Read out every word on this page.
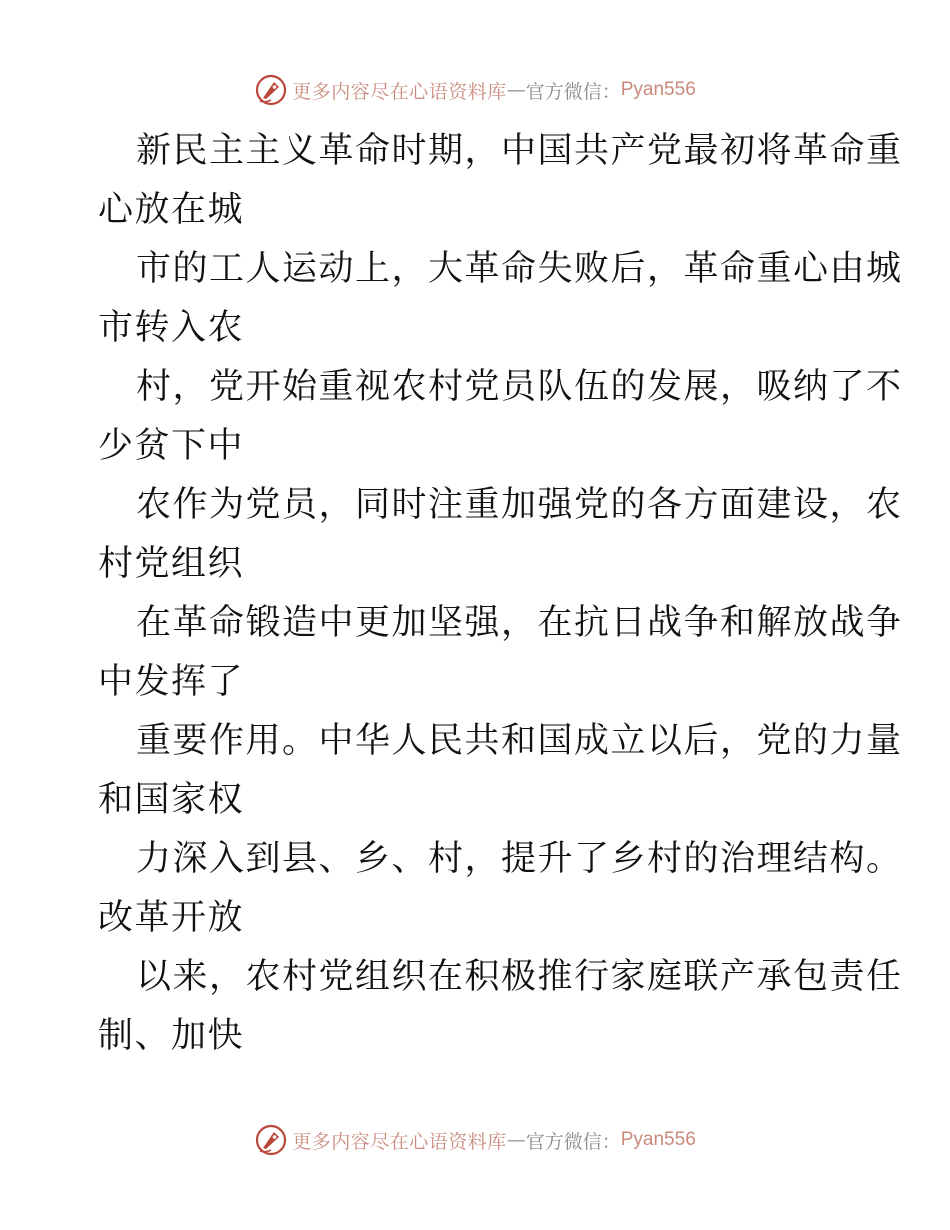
更多内容尽在心语资料库 — 官方微信： Pyan556
新民主主义革命时期，中国共产党最初将革命重
心放在城
市的工人运动上，大革命失败后，革命重心由城
市转入农
村，党开始重视农村党员队伍的发展，吸纳了不
少贫下中
农作为党员，同时注重加强党的各方面建设，农
村党组织
在革命锻造中更加坚强，在抗日战争和解放战争
中发挥了
重要作用。中华人民共和国成立以后，党的力量
和国家权
力深入到县、乡、村，提升了乡村的治理结构。
改革开放
以来，农村党组织在积极推行家庭联产承包责任
制、加快
更多内容尽在心语资料库 — 官方微信： Pyan556
